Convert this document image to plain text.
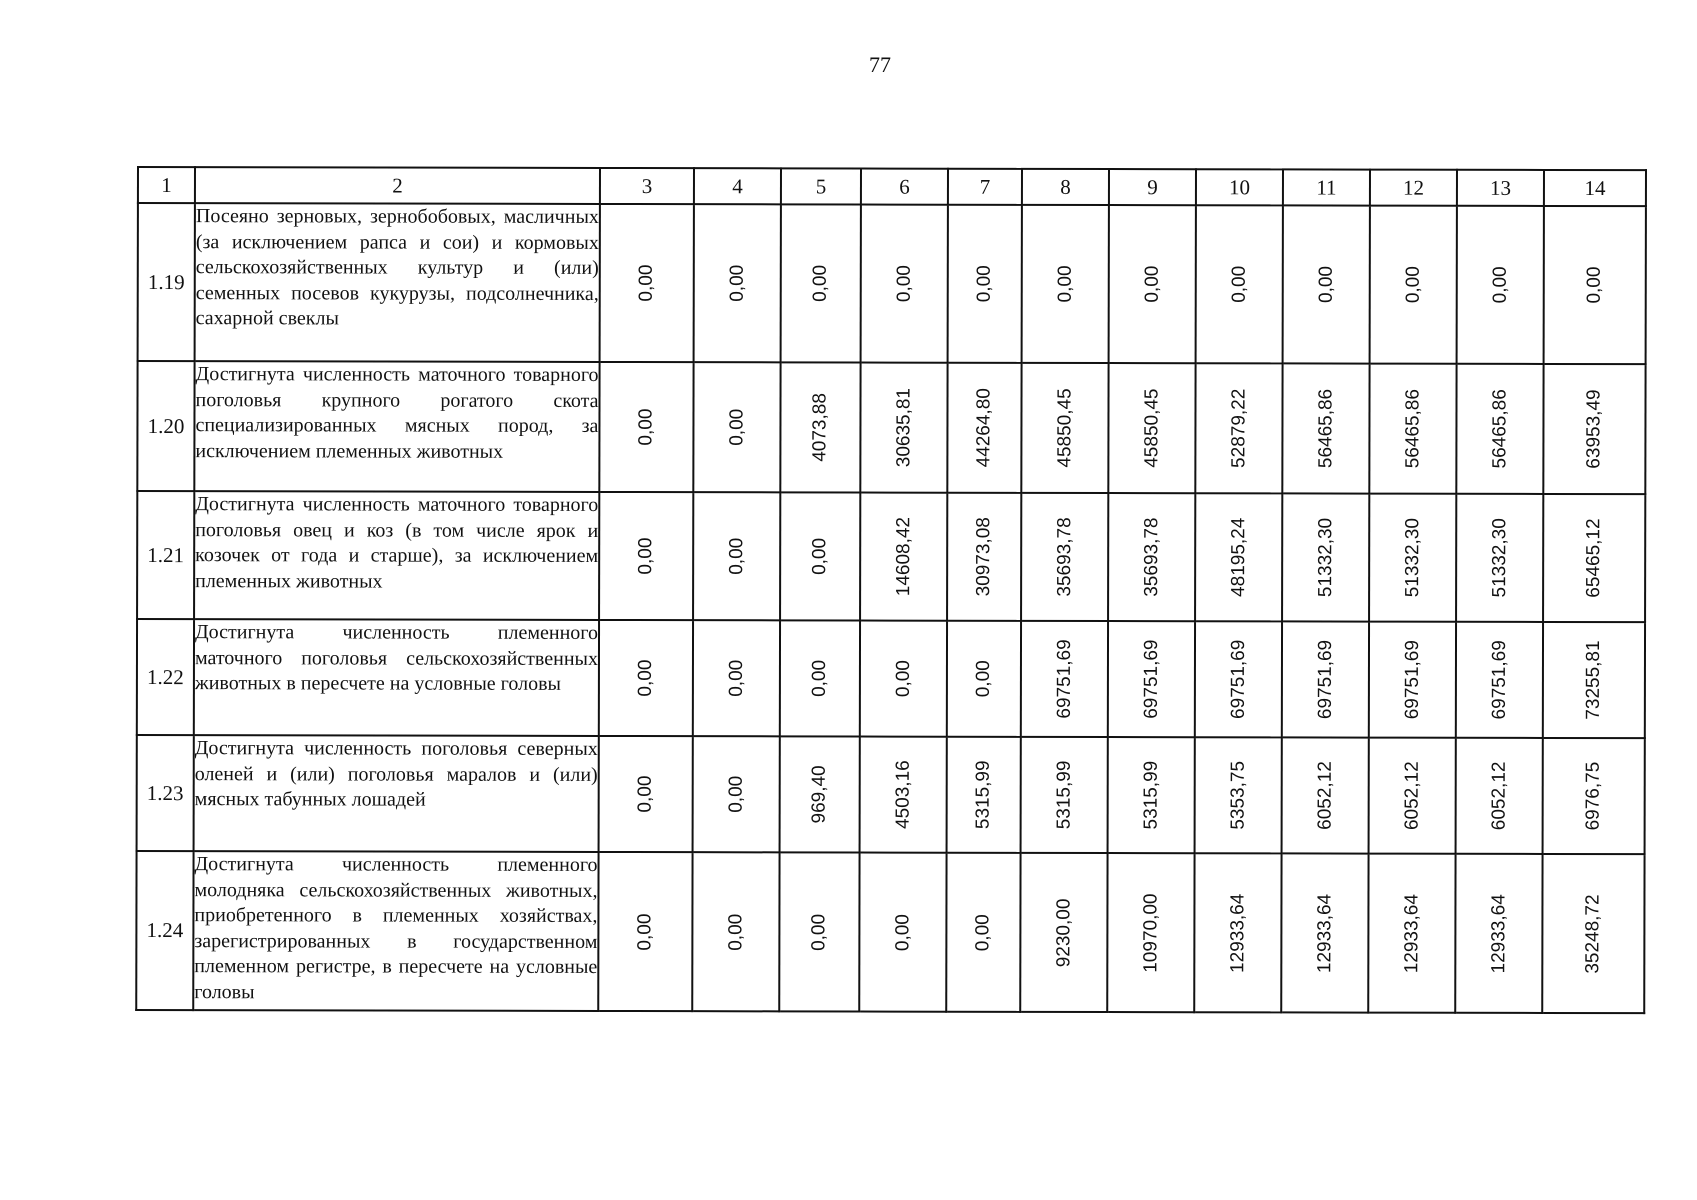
77
1	2	3	4	5	6	7	8	9	10	11	12	13	14
1.19	Посеяно зерновых, зернобобовых, масличных (за исключением рапса и сои) и кормовых сельскохозяйственных культур и (или) семенных посевов кукурузы, подсолнечника, сахарной свеклы	0,00	0,00	0,00	0,00	0,00	0,00	0,00	0,00	0,00	0,00	0,00	0,00

1.20	Достигнута численность маточного товарного поголовья крупного рогатого скота специализированных мясных пород, за исключением племенных животных	0,00	0,00	4073,88	30635,81	44264,80	45850,45	45850,45	52879,22	56465,86	56465,86	56465,86	63953,49

1.21	Достигнута численность маточного товарного поголовья овец и коз (в том числе ярок и козочек от года и старше), за исключением племенных животных	0,00	0,00	0,00	14608,42	30973,08	35693,78	35693,78	48195,24	51332,30	51332,30	51332,30	65465,12

1.22	Достигнута численность племенного маточного поголовья сельскохозяйственных животных в пересчете на условные головы	0,00	0,00	0,00	0,00	0,00	69751,69	69751,69	69751,69	69751,69	69751,69	69751,69	73255,81

1.23	Достигнута численность поголовья северных оленей и (или) поголовья маралов и (или) мясных табунных лошадей	0,00	0,00	969,40	4503,16	5315,99	5315,99	5315,99	5353,75	6052,12	6052,12	6052,12	6976,75

1.24	Достигнута численность племенного молодняка сельскохозяйственных животных, приобретенного в племенных хозяйствах, зарегистрированных в государственном племенном регистре, в пересчете на условные головы	0,00	0,00	0,00	0,00	0,00	9230,00	10970,00	12933,64	12933,64	12933,64	12933,64	35248,72
